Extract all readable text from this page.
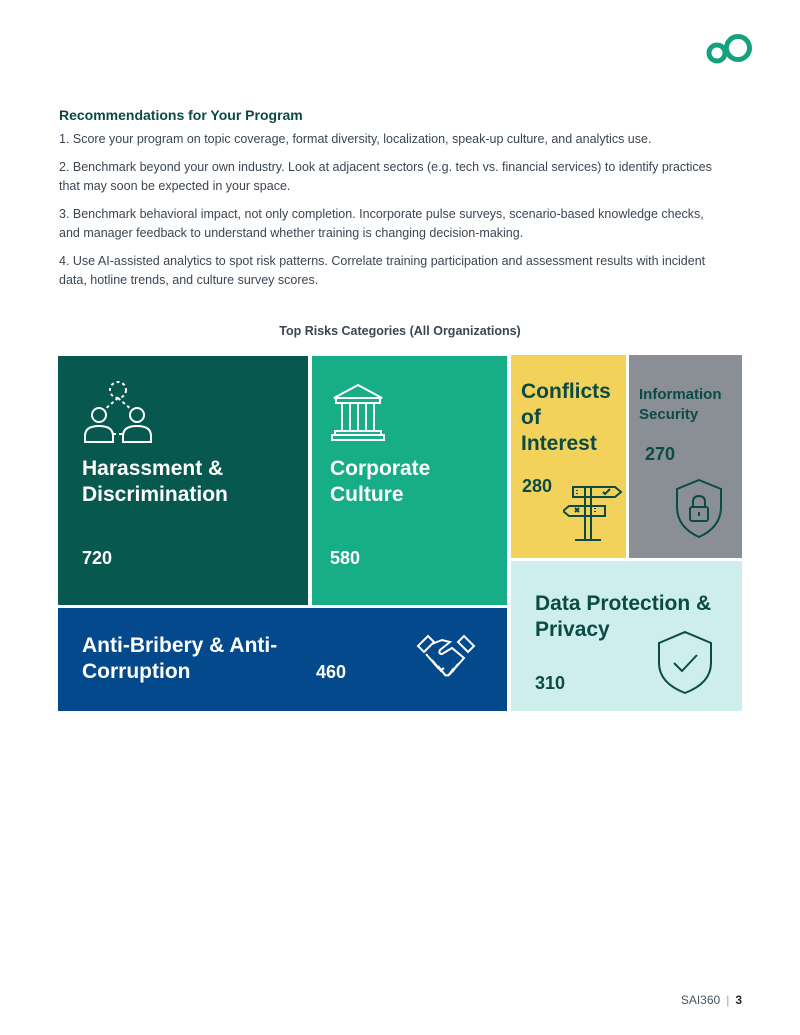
Recommendations for Your Program

1. Score your program on topic coverage, format diversity, localization, speak-up culture, and analytics use.

2. Benchmark beyond your own industry. Look at adjacent sectors (e.g. tech vs. financial services) to identify practices that may soon be expected in your space.

3. Benchmark behavioral impact, not only completion. Incorporate pulse surveys, scenario-based knowledge checks, and manager feedback to understand whether training is changing decision-making.

4. Use AI-assisted analytics to spot risk patterns. Correlate training participation and assessment results with incident data, hotline trends, and culture survey scores.

Top Risks Categories (All Organizations)
Harassment & Discrimination
720
Corporate Culture
580
Anti-Bribery & Anti-Corruption	460
Conflicts of Interest
280
Information Security
270
Data Protection & Privacy
310
SAI360 | 3
